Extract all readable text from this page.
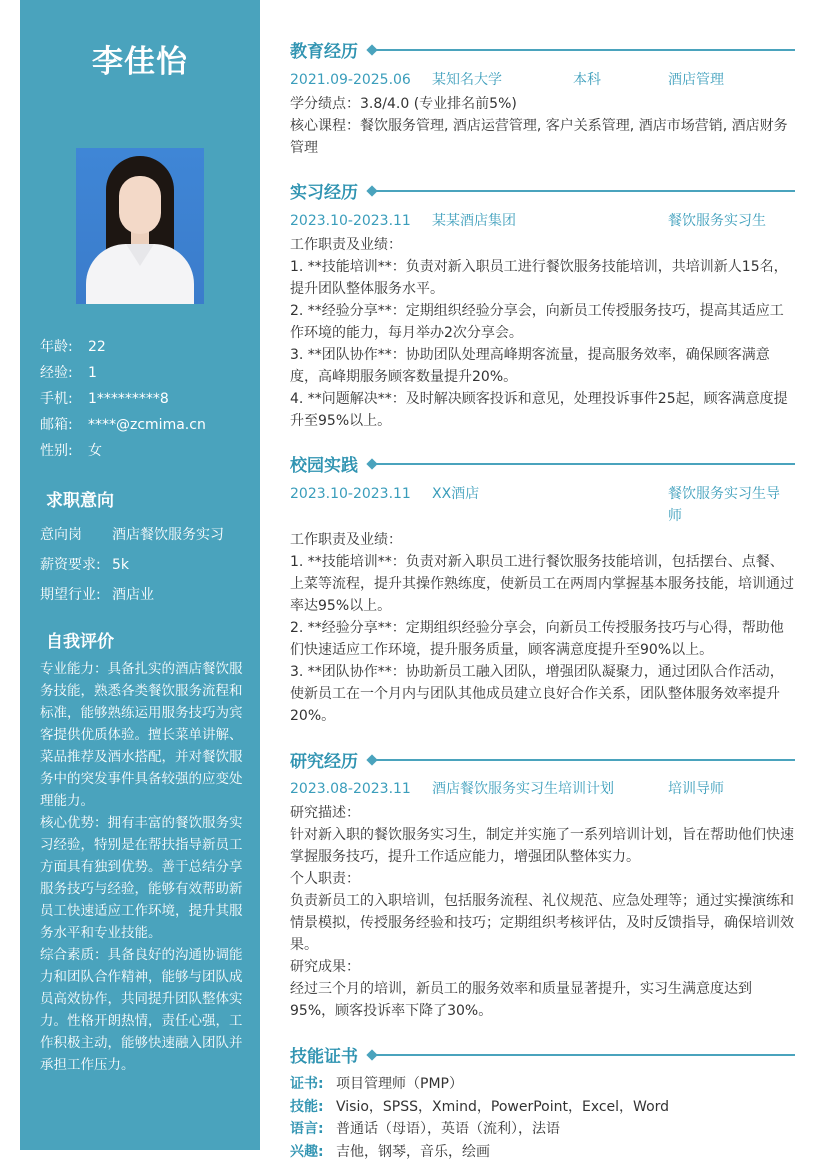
李佳怡
年龄:	22
经验:	1
手机:	1*********8
邮箱:	****@zcmima.cn
性别:	女
求职意向
意向岗	酒店餐饮服务实习
薪资要求: 5k
期望行业: 酒店业
自我评价

专业能力：具备扎实的酒店餐饮服务技能，熟悉各类餐饮服务流程和标准，能够熟练运用服务技巧为宾客提供优质体验。擅长菜单讲解、菜品推荐及酒水搭配，并对餐饮服务中的突发事件具备较强的应变处理能力。

核心优势：拥有丰富的餐饮服务实习经验，特别是在帮扶指导新员工方面具有独到优势。善于总结分享服务技巧与经验，能够有效帮助新员工快速适应工作环境，提升其服务水平和专业技能。

综合素质：具备良好的沟通协调能力和团队合作精神，能够与团队成员高效协作，共同提升团队整体实力。性格开朗热情，责任心强，工作积极主动，能够快速融入团队并承担工作压力。

教育经历
2021.09-2025.06 某知名大学	本科	酒店管理

学分绩点：3.8/4.0 (专业排名前5%)

核心课程：餐饮服务管理, 酒店运营管理, 客户关系管理, 酒店市场营销, 酒店财务管理

实习经历
2023.10-2023.11 某某酒店集团	餐饮服务实习生

工作职责及业绩：

1. **技能培训**：负责对新入职员工进行餐饮服务技能培训，共培训新人15名，提升团队整体服务水平。

2. **经验分享**：定期组织经验分享会，向新员工传授服务技巧，提高其适应工作环境的能力，每月举办2次分享会。

3. **团队协作**：协助团队处理高峰期客流量，提高服务效率，确保顾客满意度，高峰期服务顾客数量提升20%。

4. **问题解决**：及时解决顾客投诉和意见，处理投诉事件25起，顾客满意度提升至95%以上。

校园实践
2023.10-2023.11 XX酒店	餐饮服务实习生导师

工作职责及业绩：

1. **技能培训**：负责对新入职员工进行餐饮服务技能培训，包括摆台、点餐、上菜等流程，提升其操作熟练度，使新员工在两周内掌握基本服务技能，培训通过率达95%以上。

2. **经验分享**：定期组织经验分享会，向新员工传授服务技巧与心得，帮助他们快速适应工作环境，提升服务质量，顾客满意度提升至90%以上。

3. **团队协作**：协助新员工融入团队，增强团队凝聚力，通过团队合作活动，使新员工在一个月内与团队其他成员建立良好合作关系，团队整体服务效率提升20%。

研究经历
2023.08-2023.11 酒店餐饮服务实习生培训计划	培训导师

研究描述：

针对新入职的餐饮服务实习生，制定并实施了一系列培训计划，旨在帮助他们快速掌握服务技巧，提升工作适应能力，增强团队整体实力。

个人职责：

负责新员工的入职培训，包括服务流程、礼仪规范、应急处理等；通过实操演练和情景模拟，传授服务经验和技巧；定期组织考核评估，及时反馈指导，确保培训效果。

研究成果：

经过三个月的培训，新员工的服务效率和质量显著提升，实习生满意度达到95%，顾客投诉率下降了30%。

技能证书
证书: 项目管理师（PMP）
技能: Visio，SPSS，Xmind，PowerPoint，Excel，Word
语言: 普通话（母语），英语（流利），法语
兴趣: 吉他，钢琴，音乐，绘画
